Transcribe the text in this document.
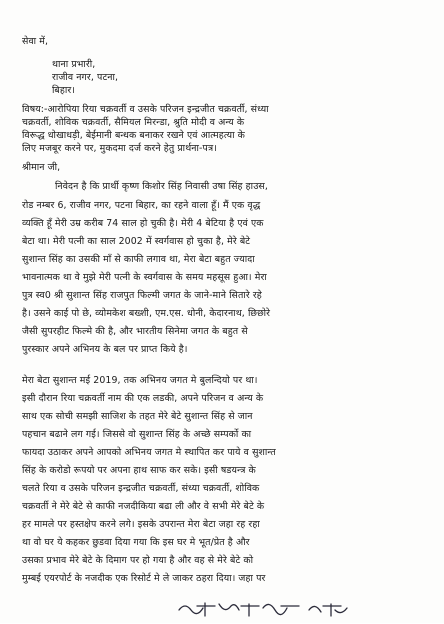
सेवा में,
थाना प्रभारी,
राजीव नगर, पटना,
बिहार।
विषय:-आरोपिया रिया चक्रवर्ती व उसके परिजन इन्द्रजीत चक्रवर्ती, संध्या
चक्रवर्ती, शोविक चक्रवर्ती, सैमियल मिरन्डा, श्रुति मोदी व अन्य के
विरूद्ध धोखाधड़ी, बेईमानी बन्धक बनाकर रखने एवं आत्महत्या के
लिए मजबूर करने पर, मुकदमा दर्ज करने हेतु प्रार्थना-पत्र।
श्रीमान जी,
निवेदन है कि प्रार्थी कृष्ण किशोर सिंह निवासी उषा सिंह हाउस,
रोड नम्बर 6, राजीव नगर, पटना बिहार, का रहने वाला हूँ। मैं एक वृद्ध
व्यक्ति हूँ मेरी उम्र करीब 74 साल हो चुकी है। मेरी 4 बेटिया है एवं एक
बेटा था। मेरी पत्नी का साल 2002 में स्वर्गवास हो चुका है, मेरे बेटे
सुशान्त सिंह का उसकी माँ से काफी लगाव था, मेरा बेटा बहुत ज्यादा
भावनात्मक था वे मुझे मेरी पत्नी के स्वर्गवास के समय महसूस हुआ। मेरा
पुत्र स्व0 श्री सुशान्त सिंह राजपुत फिल्मी जगत के जाने-माने सितारे रहे
है। उसने काई पो छे, व्योमकेश बख्शी, एम.एस. धोनी, केदारनाथ, छिछोरे
जैसी सुपरहीट फिल्मे की है, और भारतीय सिनेमा जगत के बहुत से
पुरस्कार अपने अभिनय के बल पर प्राप्त किये है।
मेरा बेटा सुशान्त मई 2019, तक अभिनय जगत मे बुलन्दियो पर था।
इसी दौरान रिया चक्रवर्ती नाम की एक लडकी, अपने परिजन व अन्य के
साथ एक सोची समझी साजिश के तहत मेरे बेटे सुशान्त सिंह से जान
पहचान बढाने लग गई। जिससे वो सुशान्त सिंह के अच्छे सम्पर्को का
फायदा उठाकर अपने आपको अभिनय जगत मे स्थापित कर पाये व सुशान्त
सिंह के करोडो रूपयो पर अपना हाथ साफ कर सके। इसी षडयन्त्र के
चलते रिया व उसके परिजन इन्द्रजीत चक्रवर्ती, संध्या चक्रवर्ती, शोविक
चक्रवर्ती ने मेरे बेटे से काफी नजदीकिया बढा ली और वे सभी मेरे बेटे के
हर मामले पर हस्तक्षेप करने लगे। इसके उपरान्त मेरा बेटा जहा रह रहा
था वो घर ये कहकर छुडवा दिया गया कि इस घर मे भूत/प्रेत है और
उसका प्रभाव मेरे बेटे के दिमाग पर हो गया है और वह से मेरे बेटे को
मुम्बई एयरपोर्ट के नजदीक एक रिसोर्ट मे ले जाकर ठहरा दिया। जहा पर
